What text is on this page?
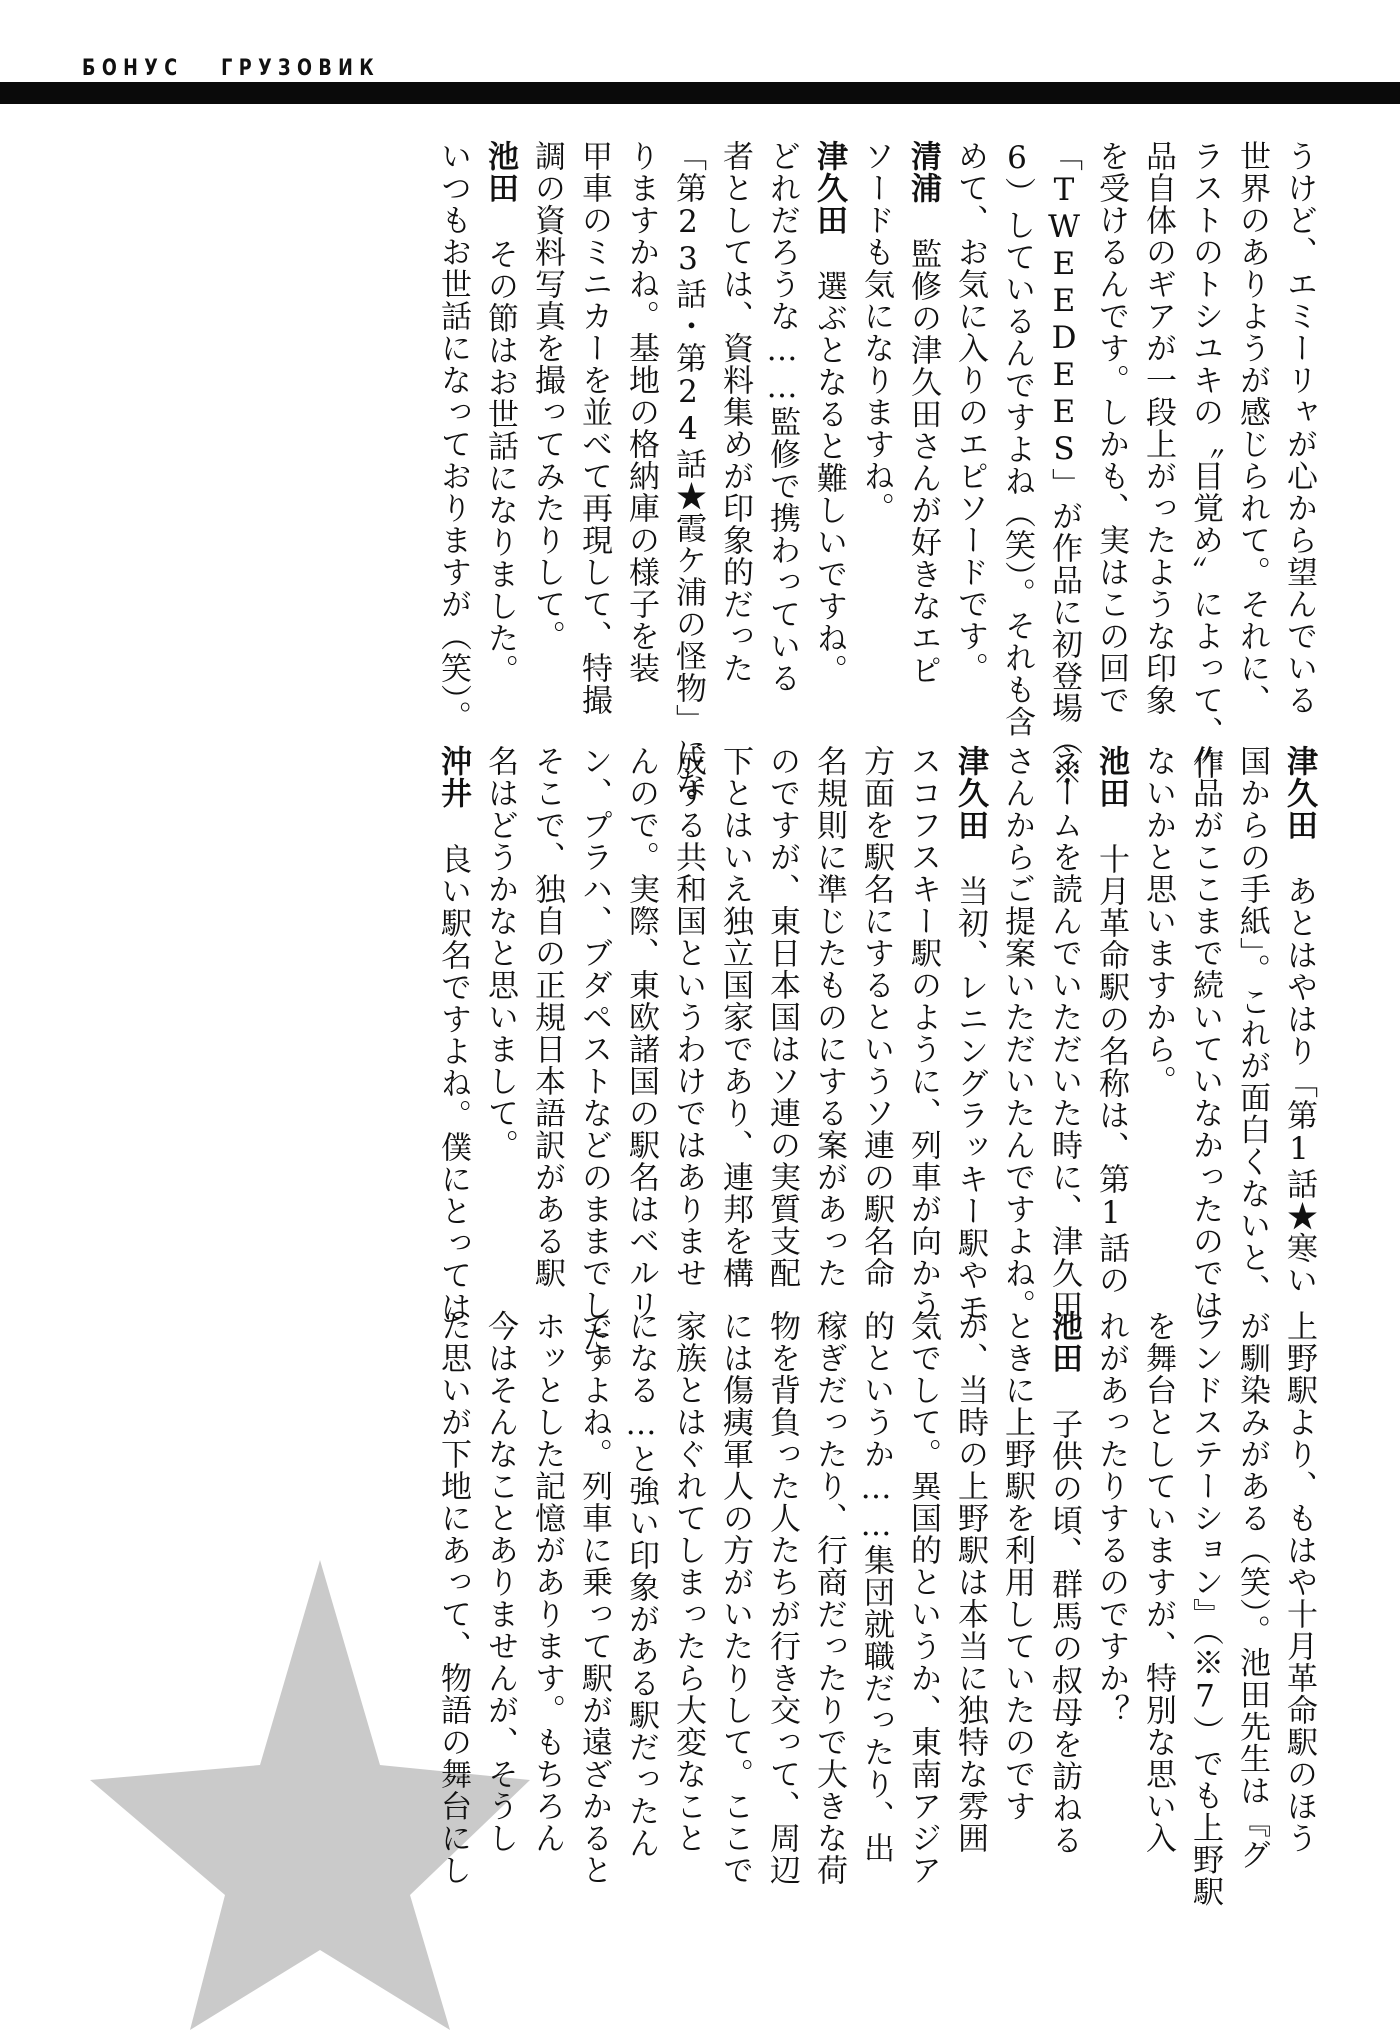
БОНУС   ГРУЗОВИК
うけど、エミーリャが心から望んでいる
世界のありようが感じられて。それに、
ラストのトシユキの〝目覚め〟によって、作
品自体のギアが一段上がったような印象
を受けるんです。しかも、実はこの回で
「TWEEDEES」が作品に初登場（※
6）しているんですよね（笑）。それも含
めて、お気に入りのエピソードです。
清浦監修の津久田さんが好きなエピ
ソードも気になりますね。
津久田選ぶとなると難しいですね。
どれだろうな……監修で携わっている
者としては、資料集めが印象的だった
「第23話・第24話★霞ケ浦の怪物」にな
りますかね。基地の格納庫の様子を装
甲車のミニカーを並べて再現して、特撮
調の資料写真を撮ってみたりして。
池田その節はお世話になりました。
いつもお世話になっておりますが（笑）。
津久田あとはやはり「第1話★寒い
国からの手紙」。これが面白くないと、
作品がここまで続いていなかったのでは
ないかと思いますから。
池田十月革命駅の名称は、第1話の
ネームを読んでいただいた時に、津久田
さんからご提案いただいたんですよね。
津久田当初、レニングラッキー駅やモ
スコフスキー駅のように、列車が向かう
方面を駅名にするというソ連の駅名命
名規則に準じたものにする案があった
のですが、東日本国はソ連の実質支配
下とはいえ独立国家であり、連邦を構
成する共和国というわけではありませ
んので。実際、東欧諸国の駅名はベルリ
ン、プラハ、ブダペストなどのままでした。
そこで、独自の正規日本語訳がある駅
名はどうかなと思いまして。
沖井良い駅名ですよね。僕にとっては
上野駅より、もはや十月革命駅のほう
が馴染みがある（笑）。池田先生は『グ
ランドステーション』（※7）でも上野駅
を舞台としていますが、特別な思い入
れがあったりするのですか？
池田子供の頃、群馬の叔母を訪ねる
ときに上野駅を利用していたのです
が、当時の上野駅は本当に独特な雰囲
気でして。異国的というか、東南アジア
的というか……集団就職だったり、出
稼ぎだったり、行商だったりで大きな荷
物を背負った人たちが行き交って、周辺
には傷痍軍人の方がいたりして。ここで
家族とはぐれてしまったら大変なこと
になる…と強い印象がある駅だったん
ですよね。列車に乗って駅が遠ざかると
ホッとした記憶があります。もちろん
今はそんなことありませんが、そうし
た思いが下地にあって、物語の舞台にし
